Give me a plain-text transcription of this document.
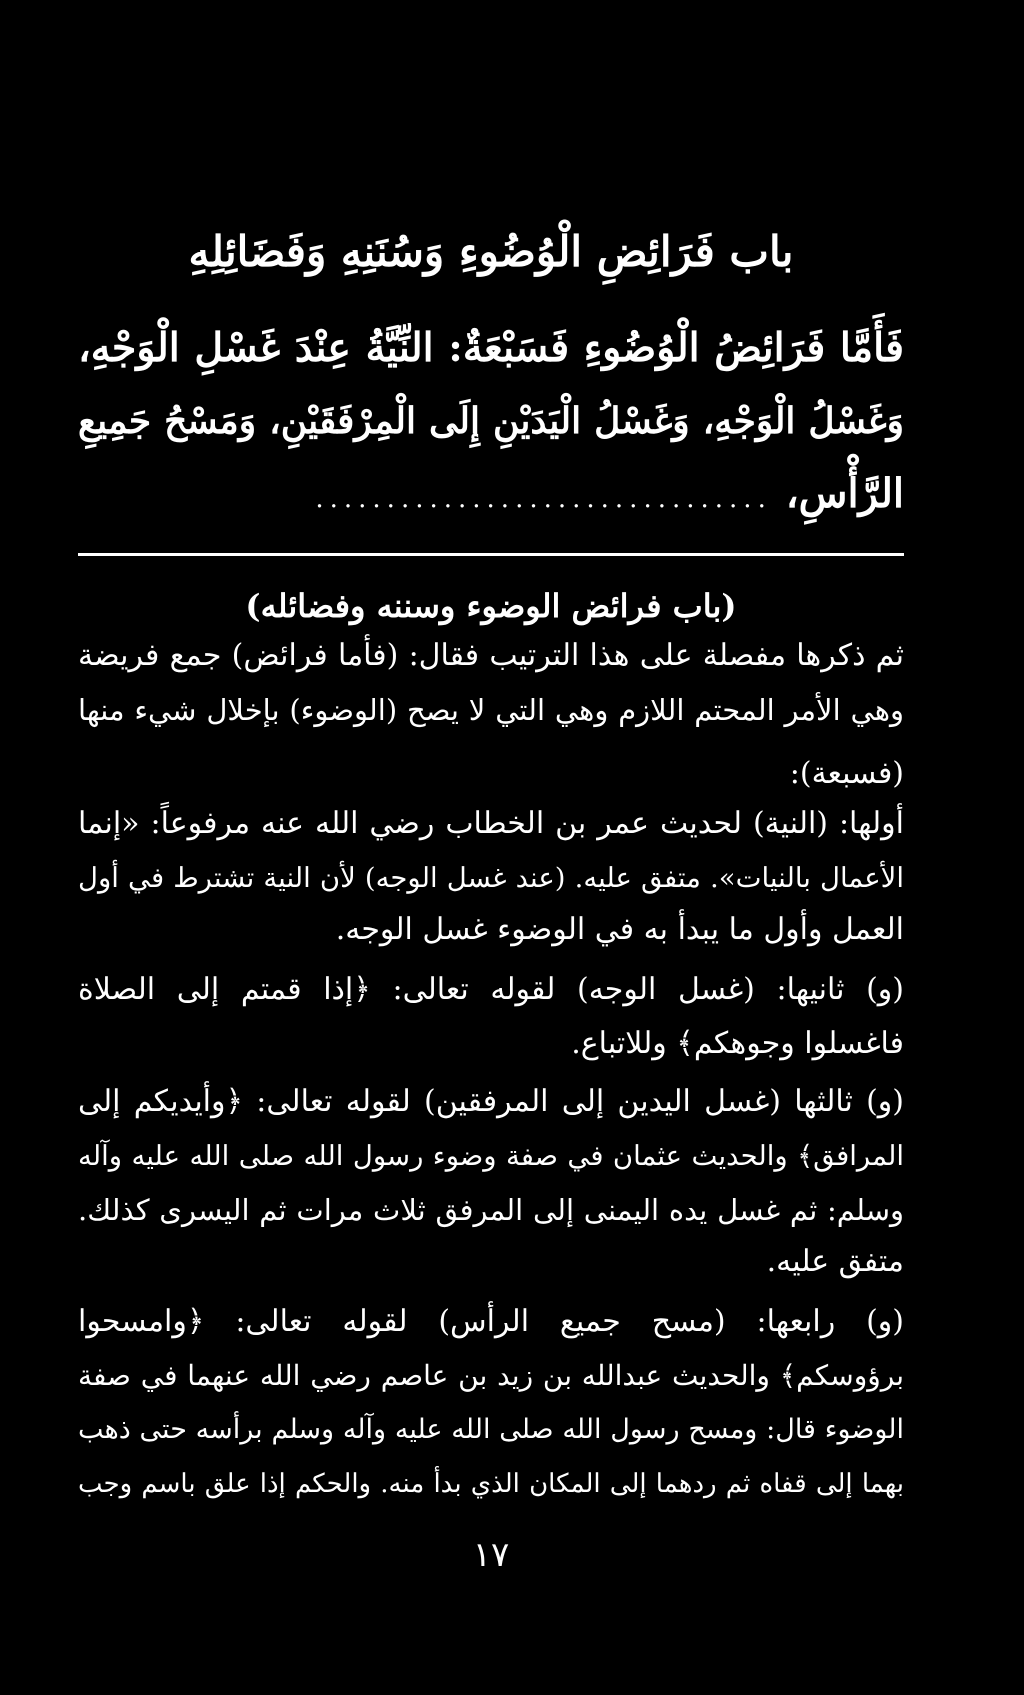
باب فَرَائِضِ الْوُضُوءِ وَسُنَنِهِ وَفَضَائِلِهِ
فَأَمَّا فَرَائِضُ الْوُضُوءِ فَسَبْعَةٌ: النِّيَّةُ عِنْدَ غَسْلِ الْوَجْهِ،
وَغَسْلُ الْوَجْهِ، وَغَسْلُ الْيَدَيْنِ إِلَى الْمِرْفَقَيْنِ، وَمَسْحُ جَمِيعِ
الرَّأْسِ، ................................
(باب فرائض الوضوء وسننه وفضائله)
ثم ذكرها مفصلة على هذا الترتيب فقال: (فأما فرائض) جمع فريضة
وهي الأمر المحتم اللازم وهي التي لا يصح (الوضوء) بإخلال شيء منها
(فسبعة):
أولها: (النية) لحديث عمر بن الخطاب رضي الله عنه مرفوعاً: «إنما
الأعمال بالنيات». متفق عليه. (عند غسل الوجه) لأن النية تشترط في أول
العمل وأول ما يبدأ به في الوضوء غسل الوجه.
(و) ثانيها: (غسل الوجه) لقوله تعالى: ﴿إذا قمتم إلى الصلاة
فاغسلوا وجوهكم﴾ وللاتباع.
(و) ثالثها (غسل اليدين إلى المرفقين) لقوله تعالى: ﴿وأيديكم إلى
المرافق﴾ والحديث عثمان في صفة وضوء رسول الله صلى الله عليه وآله
وسلم: ثم غسل يده اليمنى إلى المرفق ثلاث مرات ثم اليسرى كذلك.
متفق عليه.
(و) رابعها: (مسح جميع الرأس) لقوله تعالى: ﴿وامسحوا
برؤوسكم﴾ والحديث عبدالله بن زيد بن عاصم رضي الله عنهما في صفة
الوضوء قال: ومسح رسول الله صلى الله عليه وآله وسلم برأسه حتى ذهب
بهما إلى قفاه ثم ردهما إلى المكان الذي بدأ منه. والحكم إذا علق باسم وجب
١٧
